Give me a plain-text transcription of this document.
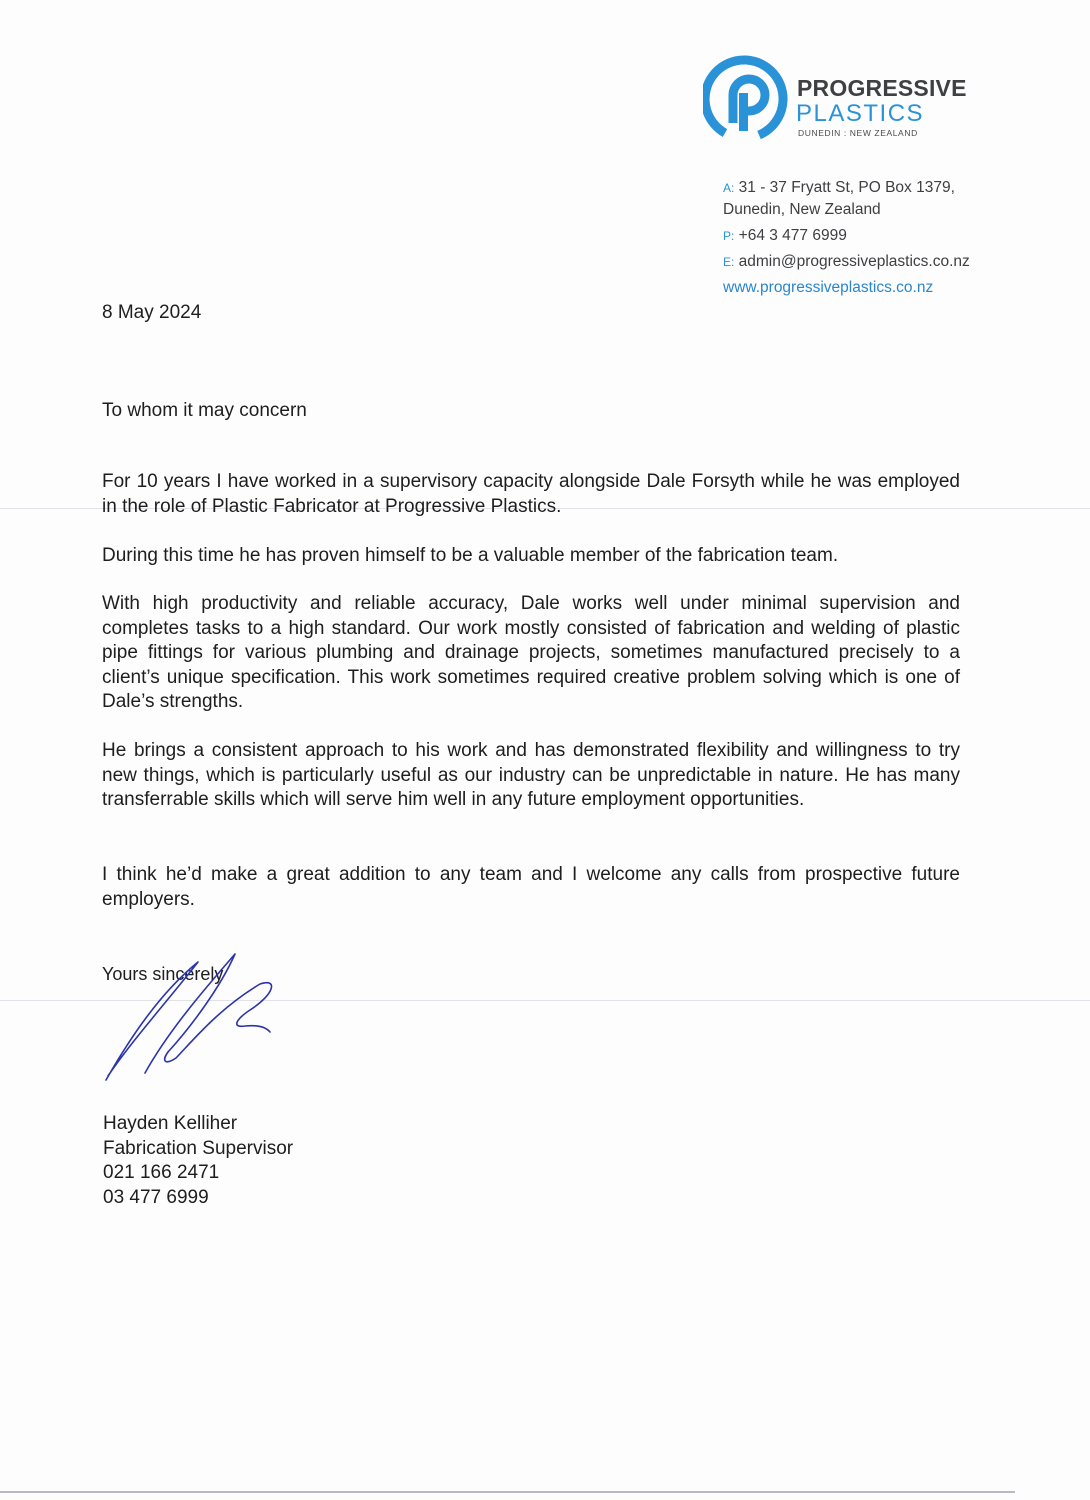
PROGRESSIVE
PLASTICS
DUNEDIN : NEW ZEALAND
A: 31 - 37 Fryatt St, PO Box 1379,
Dunedin, New Zealand
P: +64 3 477 6999
E: admin@progressiveplastics.co.nz
www.progressiveplastics.co.nz
8 May 2024
To whom it may concern
For 10 years I have worked in a supervisory capacity alongside Dale Forsyth while he was employed in the role of Plastic Fabricator at Progressive Plastics.
During this time he has proven himself to be a valuable member of the fabrication team.
With high productivity and reliable accuracy, Dale works well under minimal supervision and completes tasks to a high standard. Our work mostly consisted of fabrication and welding of plastic pipe fittings for various plumbing and drainage projects, sometimes manufactured precisely to a client’s unique specification. This work sometimes required creative problem solving which is one of Dale’s strengths.
He brings a consistent approach to his work and has demonstrated flexibility and willingness to try new things, which is particularly useful as our industry can be unpredictable in nature. He has many transferrable skills which will serve him well in any future employment opportunities.
I think he’d make a great addition to any team and I welcome any calls from prospective future employers.
Yours sincerely
Hayden Kelliher
Fabrication Supervisor
021 166 2471
03 477 6999
